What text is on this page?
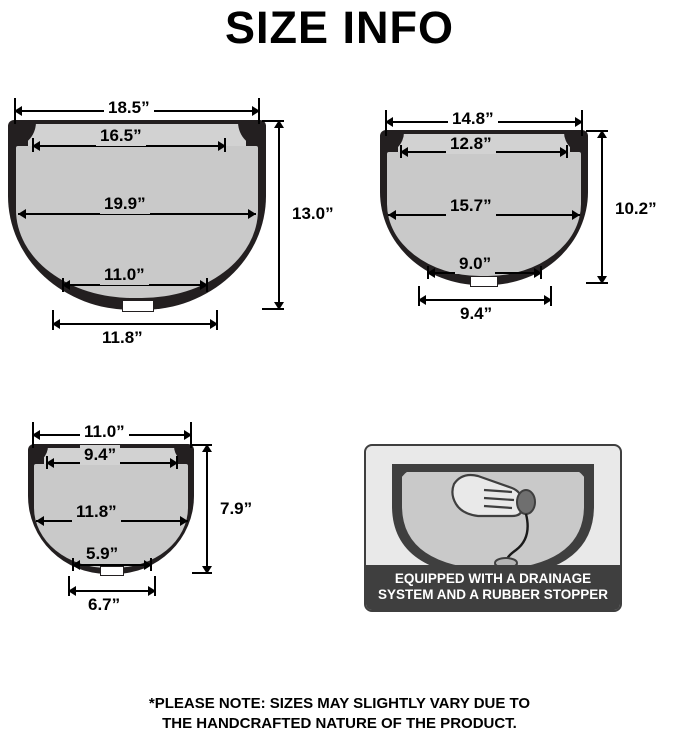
SIZE INFO
18.5”
16.5”
19.9”
11.0”
11.8”
13.0”
14.8”
12.8”
15.7”
9.0”
9.4”
10.2”
11.0”
9.4”
11.8”
5.9”
6.7”
7.9”
EQUIPPED WITH A DRAINAGE
SYSTEM AND A RUBBER STOPPER
*PLEASE NOTE: SIZES MAY SLIGHTLY VARY DUE TO
THE HANDCRAFTED NATURE OF THE PRODUCT.
